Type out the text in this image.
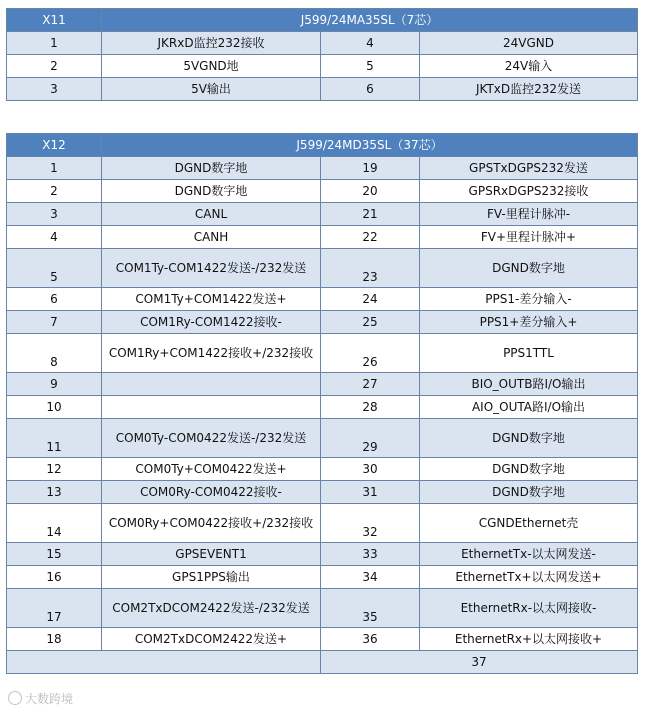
X11	J599/24MA35SL（7芯）		
1	JKRxD监控232接收	4	24VGND
2	5VGND地	5	24V输入
3	5V输出	6	JKTxD监控232发送
X12	J599/24MD35SL（37芯）		
1	DGND数字地	19	GPSTxDGPS232发送
2	DGND数字地	20	GPSRxDGPS232接收
3	CANL	21	FV-里程计脉冲-
4	CANH	22	FV+里程计脉冲+
5	COM1Ty-COM1422发送-/232发送	23	DGND数字地
6	COM1Ty+COM1422发送+	24	PPS1-差分输入-
7	COM1Ry-COM1422接收-	25	PPS1+差分输入+
8	COM1Ry+COM1422接收+/232接收	26	PPS1TTL
9		27	BIO_OUTB路I/O输出
10		28	AIO_OUTA路I/O输出
11	COM0Ty-COM0422发送-/232发送	29	DGND数字地
12	COM0Ty+COM0422发送+	30	DGND数字地
13	COM0Ry-COM0422接收-	31	DGND数字地
14	COM0Ry+COM0422接收+/232接收	32	CGNDEthernet壳
15	GPSEVENT1	33	EthernetTx-以太网发送-
16	GPS1PPS输出	34	EthernetTx+以太网发送+
17	COM2TxDCOM2422发送-/232发送	35	EthernetRx-以太网接收-
18	COM2TxDCOM2422发送+	36	EthernetRx+以太网接收+
		37	
大数跨境
